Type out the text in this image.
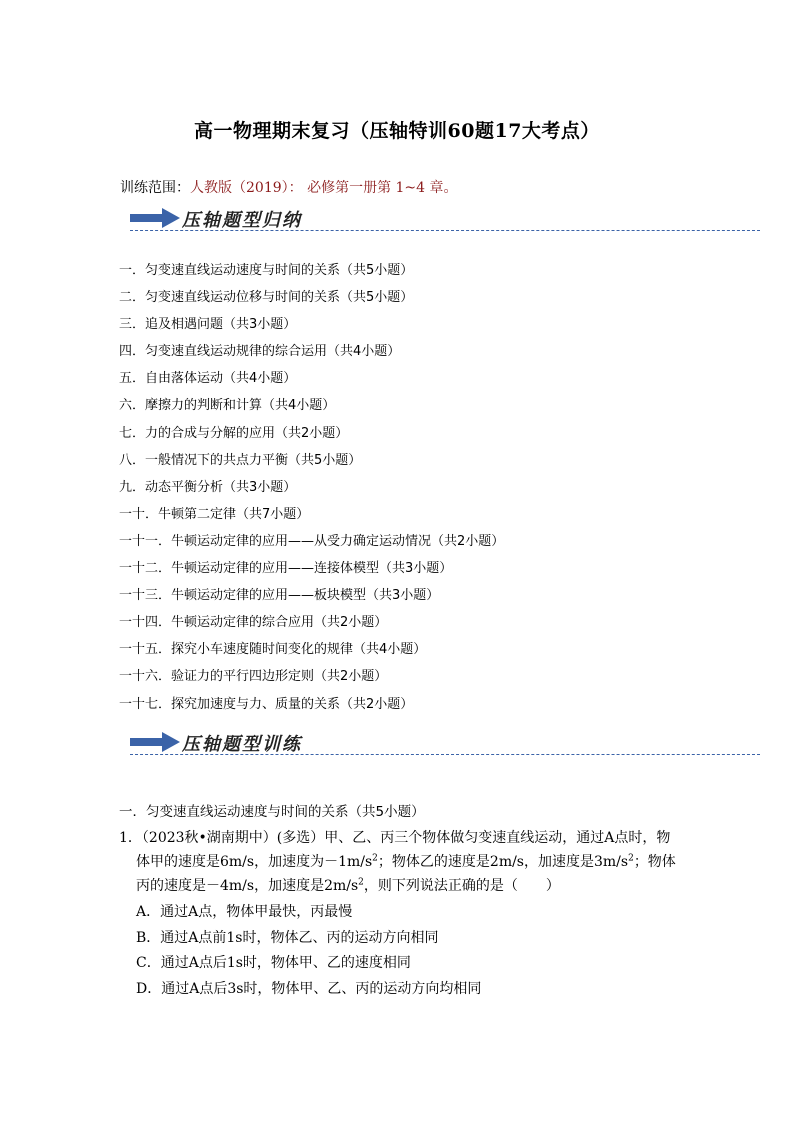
高一物理期末复习（压轴特训60题17大考点）
训练范围：人教版（2019）： 必修第一册第 1~4 章。
压轴题型归纳
一．匀变速直线运动速度与时间的关系（共5小题）
二．匀变速直线运动位移与时间的关系（共5小题）
三．追及相遇问题（共3小题）
四．匀变速直线运动规律的综合运用（共4小题）
五．自由落体运动（共4小题）
六．摩擦力的判断和计算（共4小题）
七．力的合成与分解的应用（共2小题）
八．一般情况下的共点力平衡（共5小题）
九．动态平衡分析（共3小题）
一十．牛顿第二定律（共7小题）
一十一．牛顿运动定律的应用——从受力确定运动情况（共2小题）
一十二．牛顿运动定律的应用——连接体模型（共3小题）
一十三．牛顿运动定律的应用——板块模型（共3小题）
一十四．牛顿运动定律的综合应用（共2小题）
一十五．探究小车速度随时间变化的规律（共4小题）
一十六．验证力的平行四边形定则（共2小题）
一十七．探究加速度与力、质量的关系（共2小题）
压轴题型训练
一．匀变速直线运动速度与时间的关系（共5小题）
1．（2023秋•湖南期中）(多选）甲、乙、丙三个物体做匀变速直线运动，通过A点时，物体甲的速度是6m/s，加速度为$-1m/s^2$；物体乙的速度是2m/s，加速度是$3m/s^2$；物体丙的速度是－4m/s，加速度是$2m/s^2$，则下列说法正确的是（　　）
A．通过A点，物体甲最快，丙最慢
B．通过A点前1s时，物体乙、丙的运动方向相同
C．通过A点后1s时，物体甲、乙的速度相同
D．通过A点后3s时，物体甲、乙、丙的运动方向均相同
